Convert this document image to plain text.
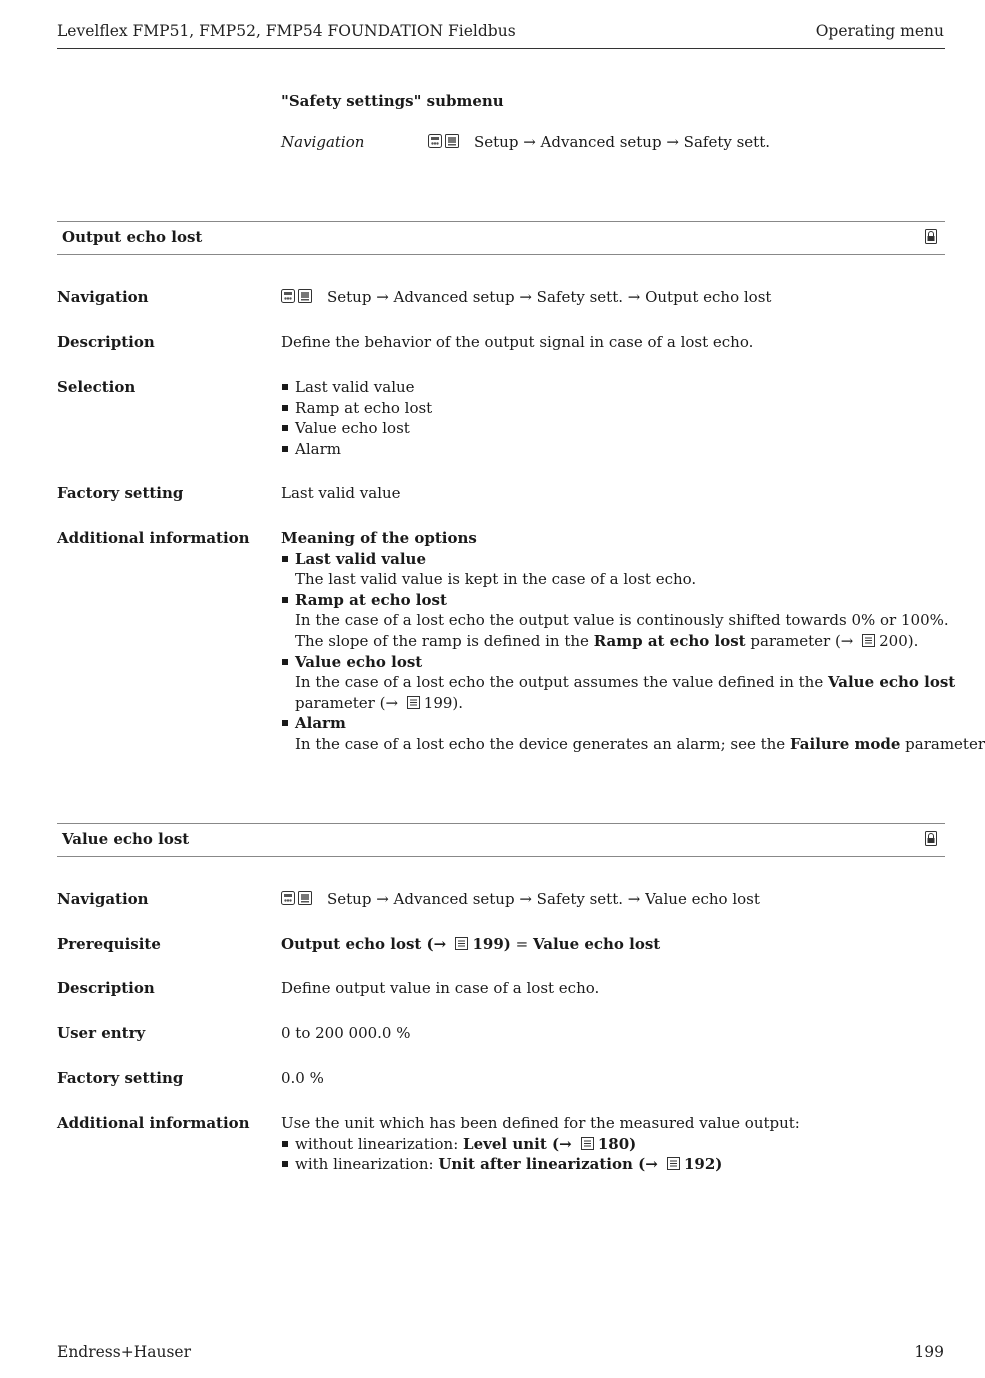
Levelflex FMP51, FMP52, FMP54 FOUNDATION Fieldbus	Operating menu
"Safety settings" submenu
Navigation	Setup → Advanced setup → Safety sett.
Output echo lost
Navigation	Setup → Advanced setup → Safety sett. → Output echo lost
Description	Define the behavior of the output signal in case of a lost echo.
Selection	Last valid value
Ramp at echo lost
Value echo lost
Alarm
Factory setting	Last valid value
Additional information Meaning of the options
Last valid value
The last valid value is kept in the case of a lost echo.
Ramp at echo lost
In the case of a lost echo the output value is continously shifted towards 0% or 100%.
The slope of the ramp is defined in the Ramp at echo lost parameter (→ 200).
Value echo lost
In the case of a lost echo the output assumes the value defined in the Value echo lost
parameter (→ 199).
Alarm
In the case of a lost echo the device generates an alarm; see the Failure mode parameter
Value echo lost
Navigation	Setup → Advanced setup → Safety sett. → Value echo lost
Prerequisite	Output echo lost (→ 199) = Value echo lost
Description	Define output value in case of a lost echo.
User entry	0 to 200 000.0 %
Factory setting	0.0 %
Additional information Use the unit which has been defined for the measured value output:
without linearization: Level unit (→ 180)
with linearization: Unit after linearization (→ 192)
Endress+Hauser	199
